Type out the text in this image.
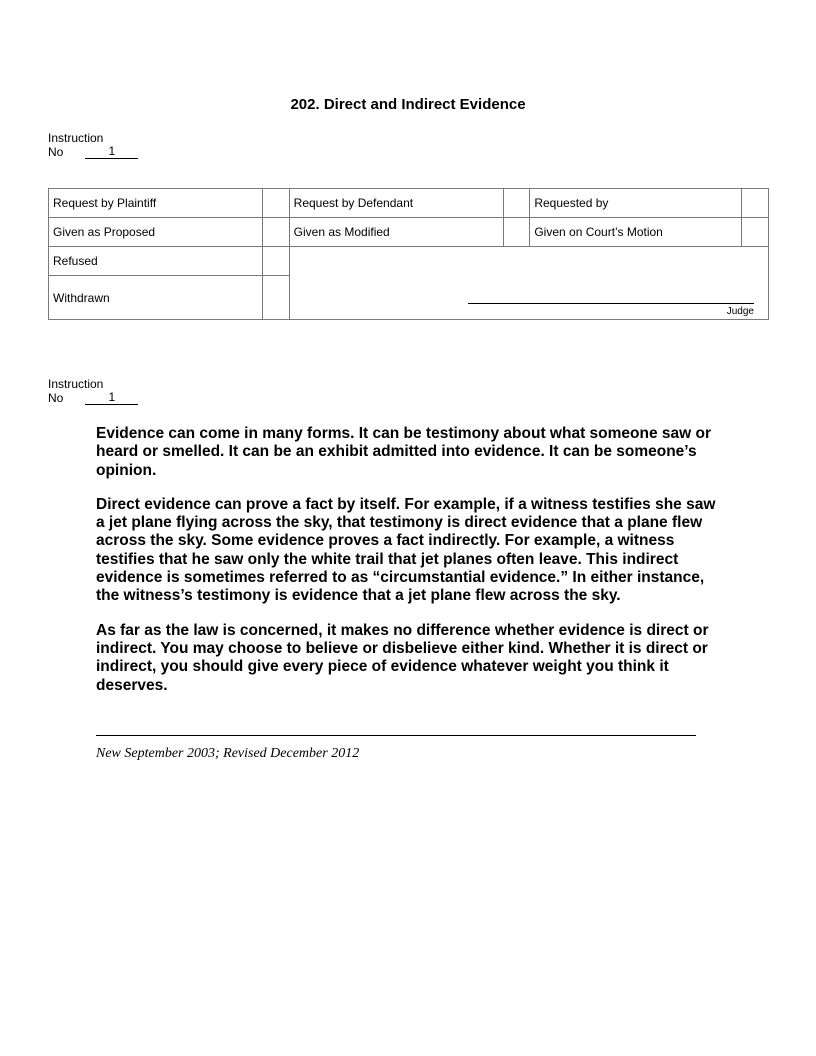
202. Direct and Indirect Evidence
Instruction
No	1
Request by Plaintiff		Request by Defendant		Requested by	
Given as Proposed		Given as Modified		Given on Court’s Motion	
Refused		Judge			

Withdrawn					
Instruction
No	1

Evidence can come in many forms. It can be testimony about what someone saw or heard or smelled. It can be an exhibit admitted into evidence. It can be someone’s opinion.

Direct evidence can prove a fact by itself. For example, if a witness testifies she saw a jet plane flying across the sky, that testimony is direct evidence that a plane flew across the sky. Some evidence proves a fact indirectly. For example, a witness testifies that he saw only the white trail that jet planes often leave. This indirect evidence is sometimes referred to as “circumstantial evidence.” In either instance, the witness’s testimony is evidence that a jet plane flew across the sky.

As far as the law is concerned, it makes no difference whether evidence is direct or indirect. You may choose to believe or disbelieve either kind. Whether it is direct or indirect, you should give every piece of evidence whatever weight you think it deserves.

New September 2003; Revised December 2012
